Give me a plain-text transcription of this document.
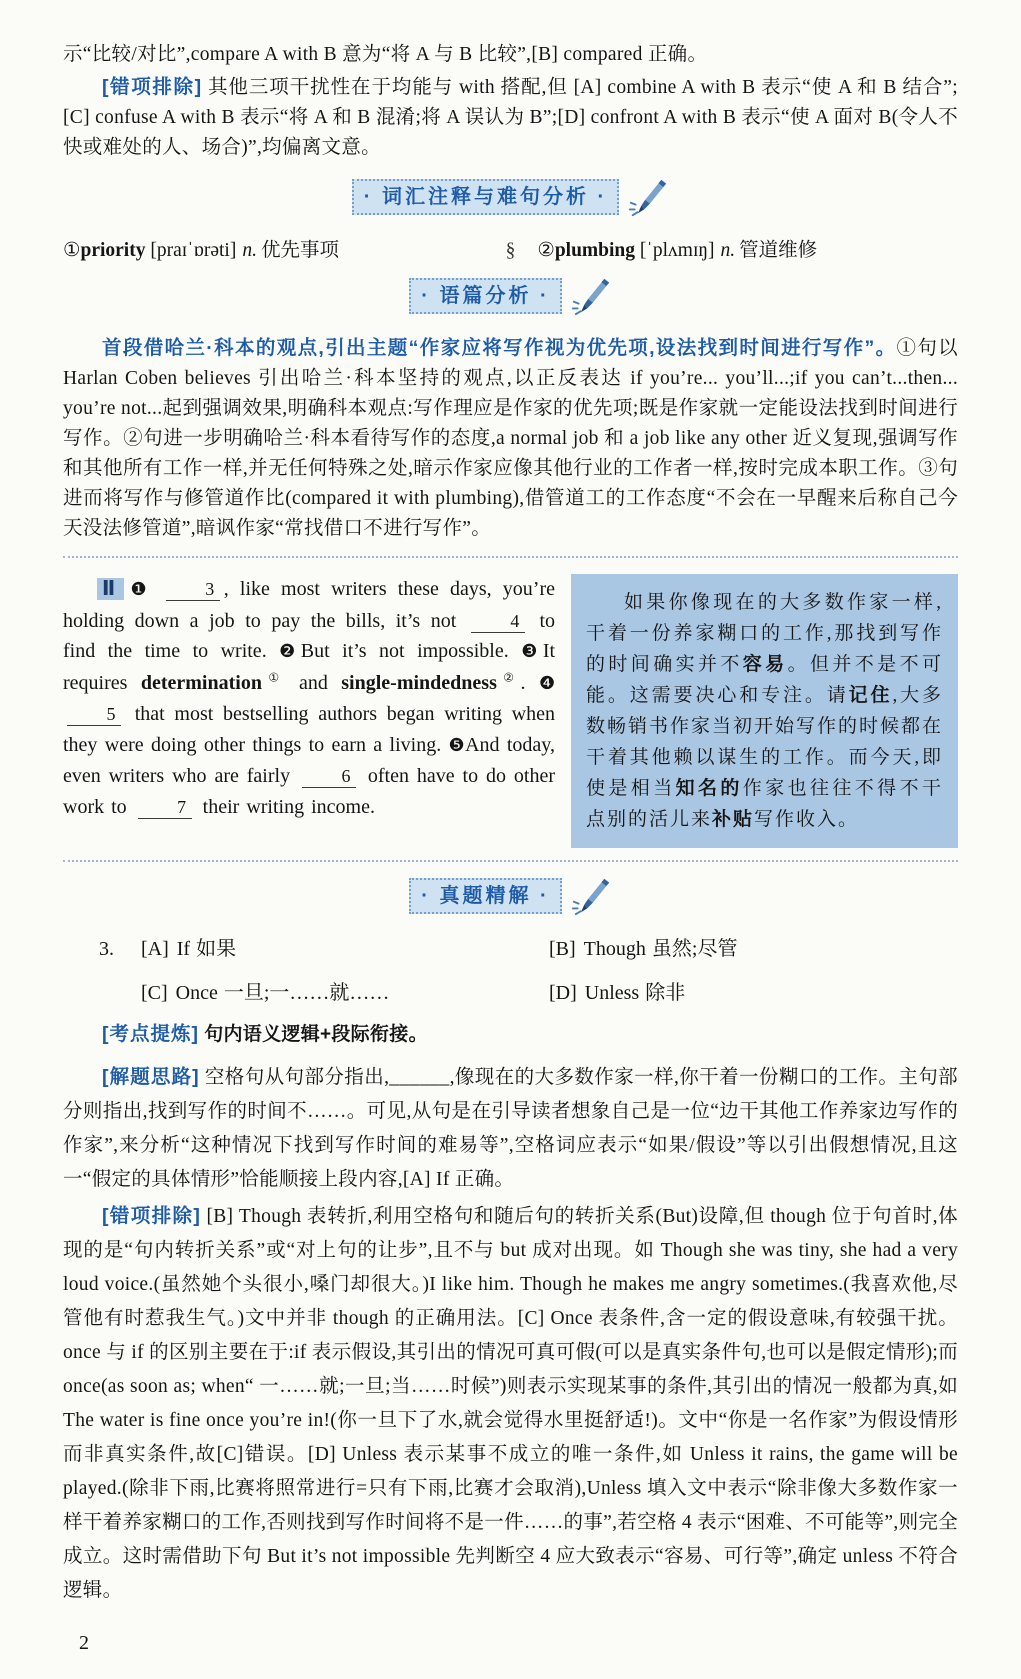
示“比较/对比”,compare A with B 意为“将 A 与 B 比较”,[B] compared 正确。

[错项排除] 其他三项干扰性在于均能与 with 搭配,但 [A] combine A with B 表示“使 A 和 B 结合”;[C] confuse A with B 表示“将 A 和 B 混淆;将 A 误认为 B”;[D] confront A with B 表示“使 A 面对 B(令人不快或难处的人、场合)”,均偏离文意。

· 词汇注释与难句分析 ·
①priority [praɪˈɒrəti] n. 优先事项	§	②plumbing [ˈplʌmɪŋ] n. 管道维修
· 语篇分析 ·

首段借哈兰·科本的观点,引出主题“作家应将写作视为优先项,设法找到时间进行写作”。①句以 Harlan Coben believes 引出哈兰·科本坚持的观点,以正反表达 if you’re... you’ll...;if you can’t...then... you’re not...起到强调效果,明确科本观点:写作理应是作家的优先项;既是作家就一定能设法找到时间进行写作。②句进一步明确哈兰·科本看待写作的态度,a normal job 和 a job like any other 近义复现,强调写作和其他所有工作一样,并无任何特殊之处,暗示作家应像其他行业的工作者一样,按时完成本职工作。③句进而将写作与修管道作比(compared it with plumbing),借管道工的工作态度“不会在一早醒来后称自己今天没法修管道”,暗讽作家“常找借口不进行写作”。

Ⅱ ❶	3 , like most writers these days, you’re holding down a job to pay the bills, it’s not	4 to find the time to write. ❷But it’s not impossible. ❸It requires determination① and single-mindedness②. ❹ 5 that most bestselling authors began writing when they were doing other things to earn a living. ❺And today, even writers who are fairly	6 often have to do other work to	7 their writing income.

如果你像现在的大多数作家一样,干着一份养家糊口的工作,那找到写作的时间确实并不容易。但并不是不可能。这需要决心和专注。请记住,大多数畅销书作家当初开始写作的时候都在干着其他赖以谋生的工作。而今天,即使是相当知名的作家也往往不得不干点别的活儿来补贴写作收入。

· 真题精解 ·
3.	[A] If 如果	[B] Though 虽然;尽管
[C] Once 一旦;一……就……	[D] Unless 除非

[考点提炼] 句内语义逻辑+段际衔接。

[解题思路] 空格句从句部分指出,______,像现在的大多数作家一样,你干着一份糊口的工作。主句部分则指出,找到写作的时间不……。可见,从句是在引导读者想象自己是一位“边干其他工作养家边写作的作家”,来分析“这种情况下找到写作时间的难易等”,空格词应表示“如果/假设”等以引出假想情况,且这一“假定的具体情形”恰能顺接上段内容,[A] If 正确。

[错项排除] [B] Though 表转折,利用空格句和随后句的转折关系(But)设障,但 though 位于句首时,体现的是“句内转折关系”或“对上句的让步”,且不与 but 成对出现。如 Though she was tiny, she had a very loud voice.(虽然她个头很小,嗓门却很大。)I like him. Though he makes me angry sometimes.(我喜欢他,尽管他有时惹我生气。)文中并非 though 的正确用法。[C] Once 表条件,含一定的假设意味,有较强干扰。once 与 if 的区别主要在于:if 表示假设,其引出的情况可真可假(可以是真实条件句,也可以是假定情形);而 once(as soon as; when“ 一……就;一旦;当……时候”)则表示实现某事的条件,其引出的情况一般都为真,如 The water is fine once you’re in!(你一旦下了水,就会觉得水里挺舒适!)。文中“你是一名作家”为假设情形而非真实条件,故[C]错误。[D] Unless 表示某事不成立的唯一条件,如 Unless it rains, the game will be played.(除非下雨,比赛将照常进行=只有下雨,比赛才会取消),Unless 填入文中表示“除非像大多数作家一样干着养家糊口的工作,否则找到写作时间将不是一件……的事”,若空格 4 表示“困难、不可能等”,则完全成立。这时需借助下句 But it’s not impossible 先判断空 4 应大致表示“容易、可行等”,确定 unless 不符合逻辑。

2
